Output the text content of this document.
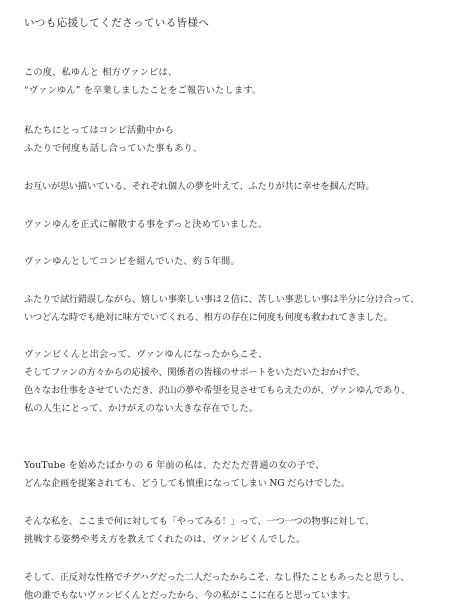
いつも応援してくださっている皆様へ
この度、私ゆんと 相方ヴァンビは、
“ヴァンゆん” を卒業しましたことをご報告いたします。
私たちにとってはコンビ活動中から
ふたりで何度も話し合っていた事もあり、
お互いが思い描いている、それぞれ個人の夢を叶えて、ふたりが共に幸せを掴んだ時。
ヴァンゆんを正式に解散する事をずっと決めていました。
ヴァンゆんとしてコンビを組んでいた、約５年間。
ふたりで試行錯誤しながら、嬉しい事楽しい事は２倍に、苦しい事悲しい事は半分に分け合って、
いつどんな時でも絶対に味方でいてくれる、相方の存在に何度も何度も救われてきました。
ヴァンビくんと出会って、ヴァンゆんになったからこそ、
そしてファンの方々からの応援や、関係者の皆様のサポートをいただいたおかげで、
色々なお仕事をさせていただき、沢山の夢や希望を見させてもらえたのが、ヴァンゆんであり、
私の人生にとって、かけがえのない大きな存在でした。
YouTube を始めたばかりの 6 年前の私は、ただただ普通の女の子で、
どんな企画を提案されても、どうしても慎重になってしまい NG だらけでした。
そんな私を、ここまで何に対しても「やってみる！」って、一つ一つの物事に対して、
挑戦する姿勢や考え方を教えてくれたのは、ヴァンビくんでした。
そして、正反対な性格でチグハグだった二人だったからこそ、なし得たこともあったと思うし、
他の誰でもないヴァンビくんとだったから、今の私がここに在ると思っています。
